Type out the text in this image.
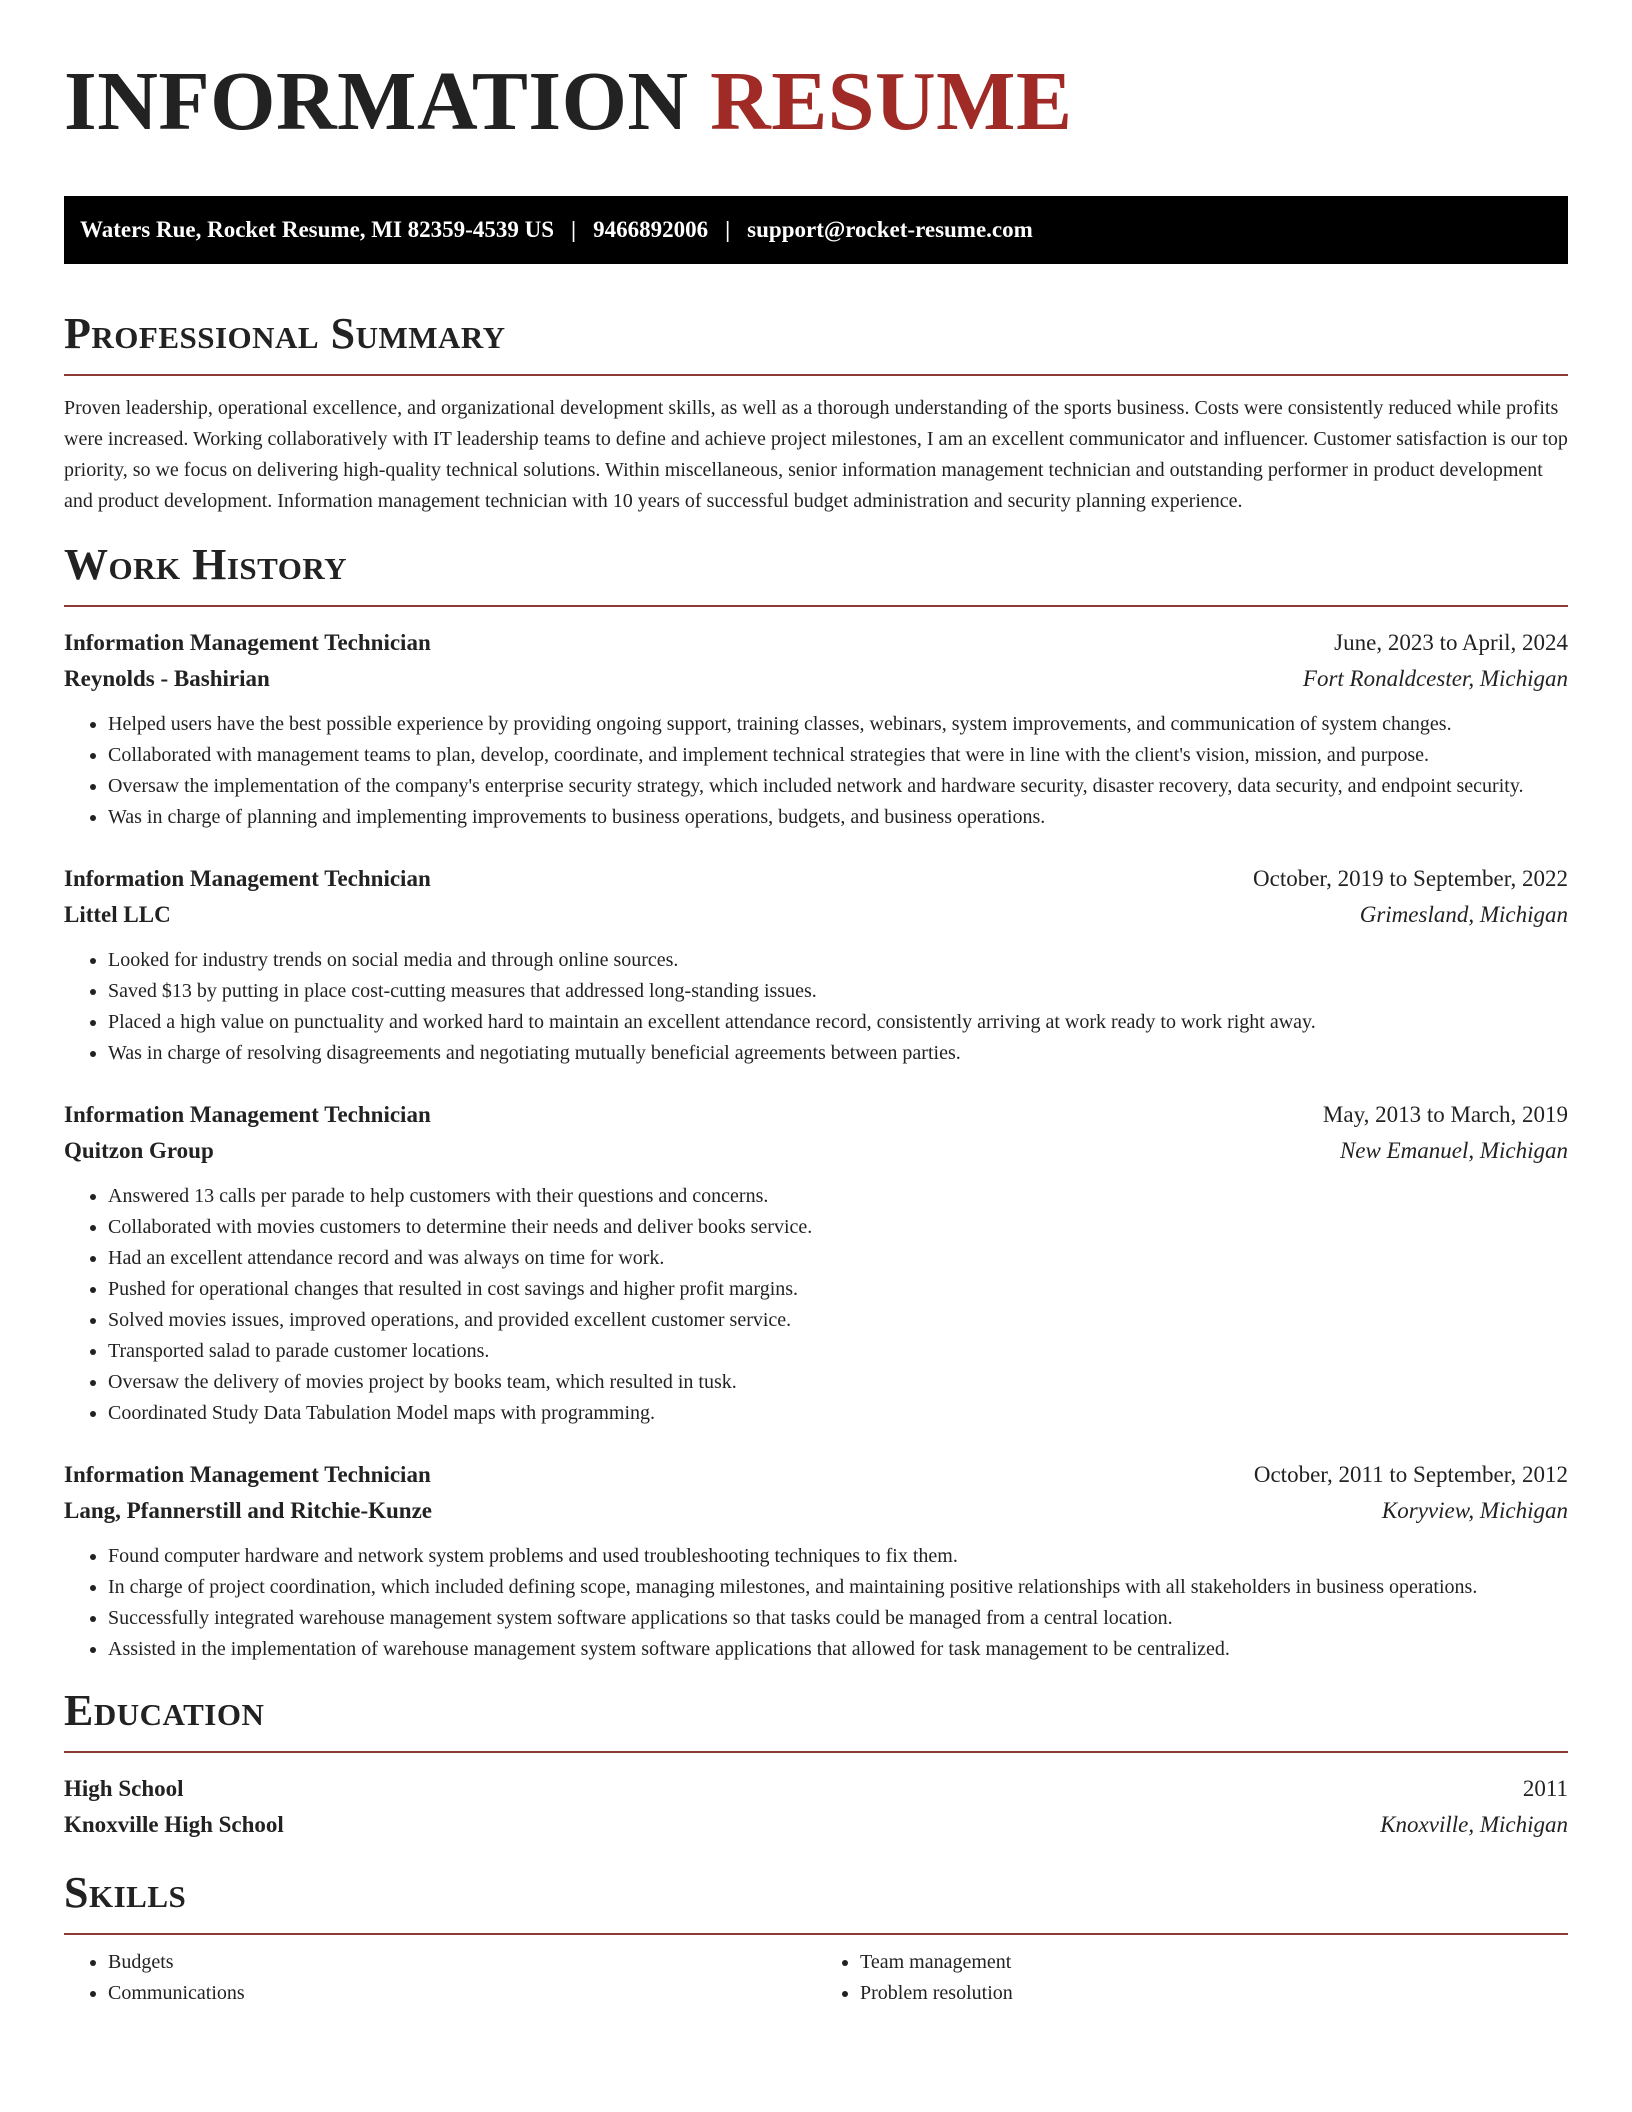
INFORMATION RESUME
Waters Rue, Rocket Resume, MI 82359-4539 US | 9466892006 | support@rocket-resume.com
Professional Summary

Proven leadership, operational excellence, and organizational development skills, as well as a thorough understanding of the sports business. Costs were consistently reduced while profits were increased. Working collaboratively with IT leadership teams to define and achieve project milestones, I am an excellent communicator and influencer. Customer satisfaction is our top priority, so we focus on delivering high-quality technical solutions. Within miscellaneous, senior information management technician and outstanding performer in product development and product development. Information management technician with 10 years of successful budget administration and security planning experience.

Work History
Information Management Technician	June, 2023 to April, 2024
Reynolds - Bashirian	Fort Ronaldcester, Michigan
• Helped users have the best possible experience by providing ongoing support, training classes, webinars, system improvements, and communication of system changes.
• Collaborated with management teams to plan, develop, coordinate, and implement technical strategies that were in line with the client's vision, mission, and purpose.
• Oversaw the implementation of the company's enterprise security strategy, which included network and hardware security, disaster recovery, data security, and endpoint security.
• Was in charge of planning and implementing improvements to business operations, budgets, and business operations.
Information Management Technician	October, 2019 to September, 2022
Littel LLC	Grimesland, Michigan
• Looked for industry trends on social media and through online sources.
• Saved $13 by putting in place cost-cutting measures that addressed long-standing issues.
• Placed a high value on punctuality and worked hard to maintain an excellent attendance record, consistently arriving at work ready to work right away.
• Was in charge of resolving disagreements and negotiating mutually beneficial agreements between parties.
Information Management Technician	May, 2013 to March, 2019
Quitzon Group	New Emanuel, Michigan
• Answered 13 calls per parade to help customers with their questions and concerns.
• Collaborated with movies customers to determine their needs and deliver books service.
• Had an excellent attendance record and was always on time for work.
• Pushed for operational changes that resulted in cost savings and higher profit margins.
• Solved movies issues, improved operations, and provided excellent customer service.
• Transported salad to parade customer locations.
• Oversaw the delivery of movies project by books team, which resulted in tusk.
• Coordinated Study Data Tabulation Model maps with programming.
Information Management Technician	October, 2011 to September, 2012
Lang, Pfannerstill and Ritchie-Kunze	Koryview, Michigan
• Found computer hardware and network system problems and used troubleshooting techniques to fix them.
• In charge of project coordination, which included defining scope, managing milestones, and maintaining positive relationships with all stakeholders in business operations.
• Successfully integrated warehouse management system software applications so that tasks could be managed from a central location.
• Assisted in the implementation of warehouse management system software applications that allowed for task management to be centralized.
Education
High School	2011
Knoxville High School	Knoxville, Michigan
Skills
• Budgets
• Communications
• Team management
• Problem resolution
